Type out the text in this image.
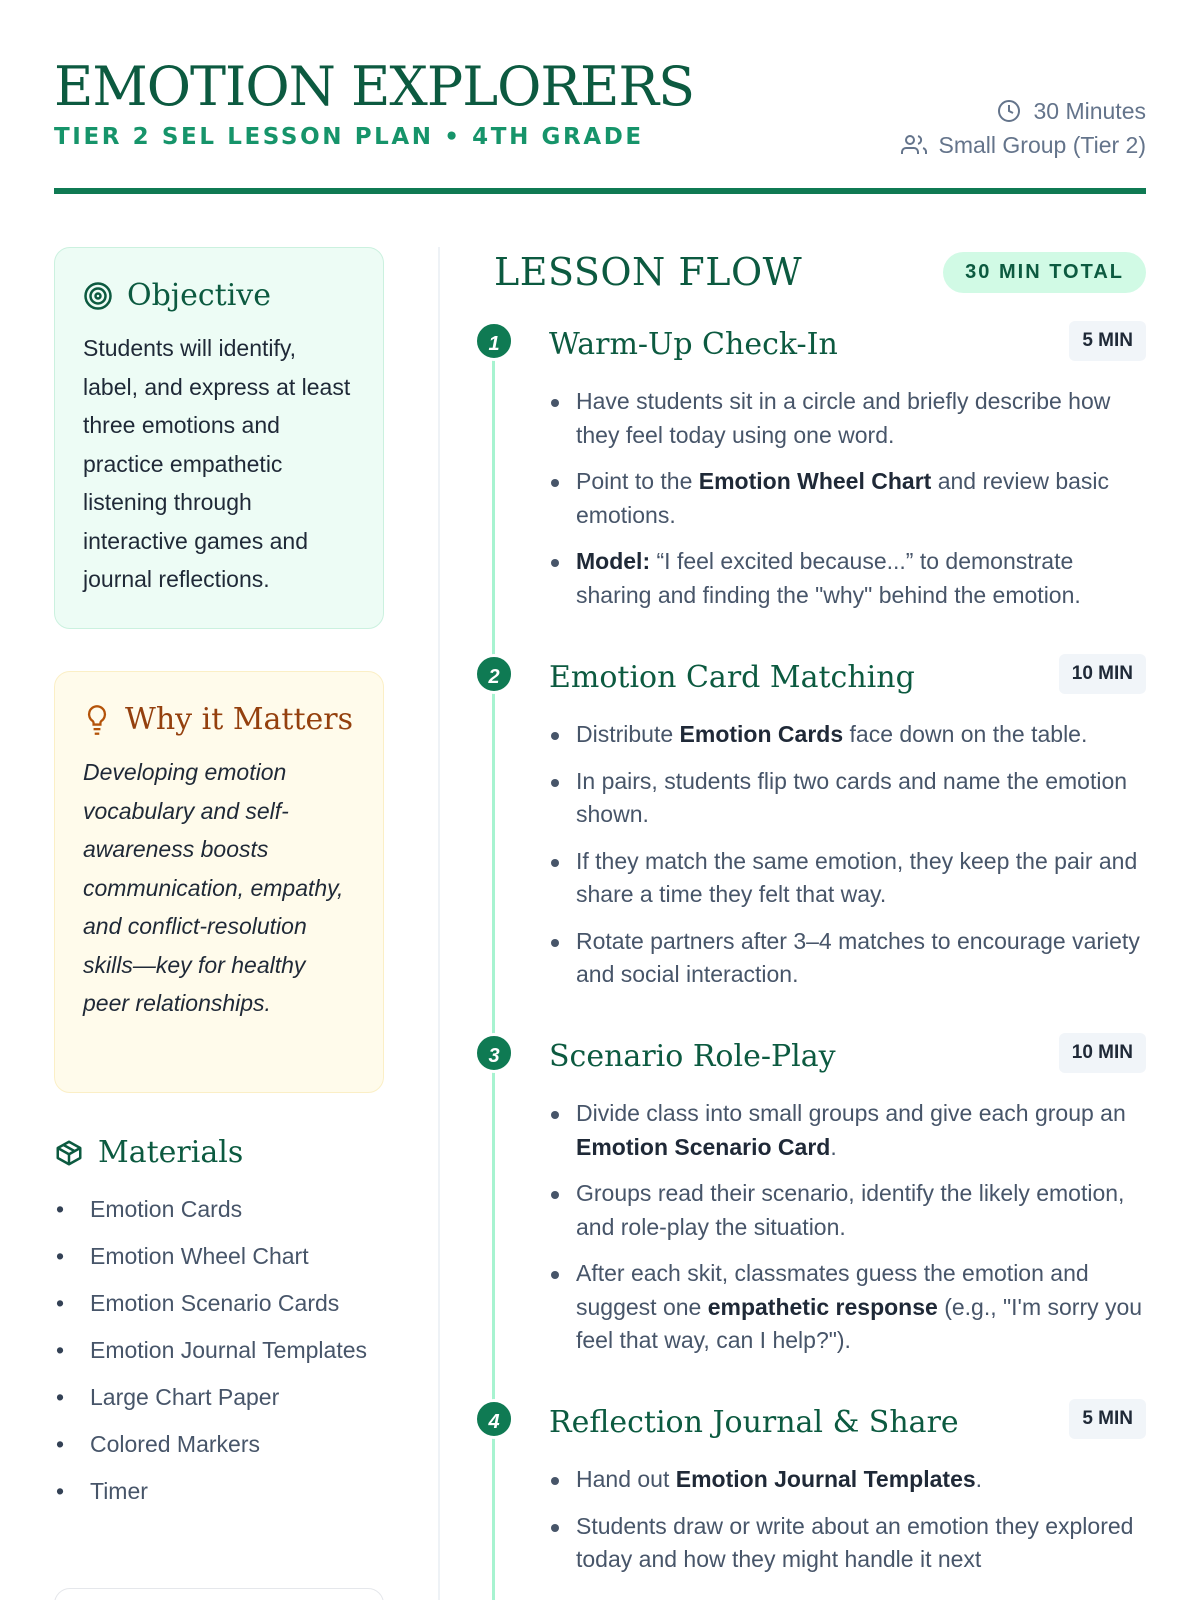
EMOTION EXPLORERS
TIER 2 SEL LESSON PLAN • 4TH GRADE
30 Minutes
Small Group (Tier 2)
Objective
Students will identify, label, and express at least three emotions and practice empathetic listening through interactive games and journal reflections.
Why it Matters
Developing emotion vocabulary and self-awareness boosts communication, empathy, and conflict-resolution skills—key for healthy peer relationships.
Materials
• Emotion Cards
• Emotion Wheel Chart
• Emotion Scenario Cards
• Emotion Journal Templates
• Large Chart Paper
• Colored Markers
• Timer
LESSON FLOW	30 MIN TOTAL
1	Warm-Up Check-In	5 MIN
Have students sit in a circle and briefly describe how they feel today using one word.
Point to the Emotion Wheel Chart and review basic emotions.
Model: “I feel excited because...” to demonstrate sharing and finding the "why" behind the emotion.
2	Emotion Card Matching	10 MIN
Distribute Emotion Cards face down on the table.
In pairs, students flip two cards and name the emotion shown.
If they match the same emotion, they keep the pair and share a time they felt that way.
Rotate partners after 3–4 matches to encourage variety and social interaction.
3	Scenario Role-Play	10 MIN
Divide class into small groups and give each group an Emotion Scenario Card.
Groups read their scenario, identify the likely emotion, and role-play the situation.
After each skit, classmates guess the emotion and suggest one empathetic response (e.g., "I'm sorry you feel that way, can I help?").
4	Reflection Journal & Share	5 MIN
Hand out Emotion Journal Templates.
Students draw or write about an emotion they explored today and how they might handle it next
